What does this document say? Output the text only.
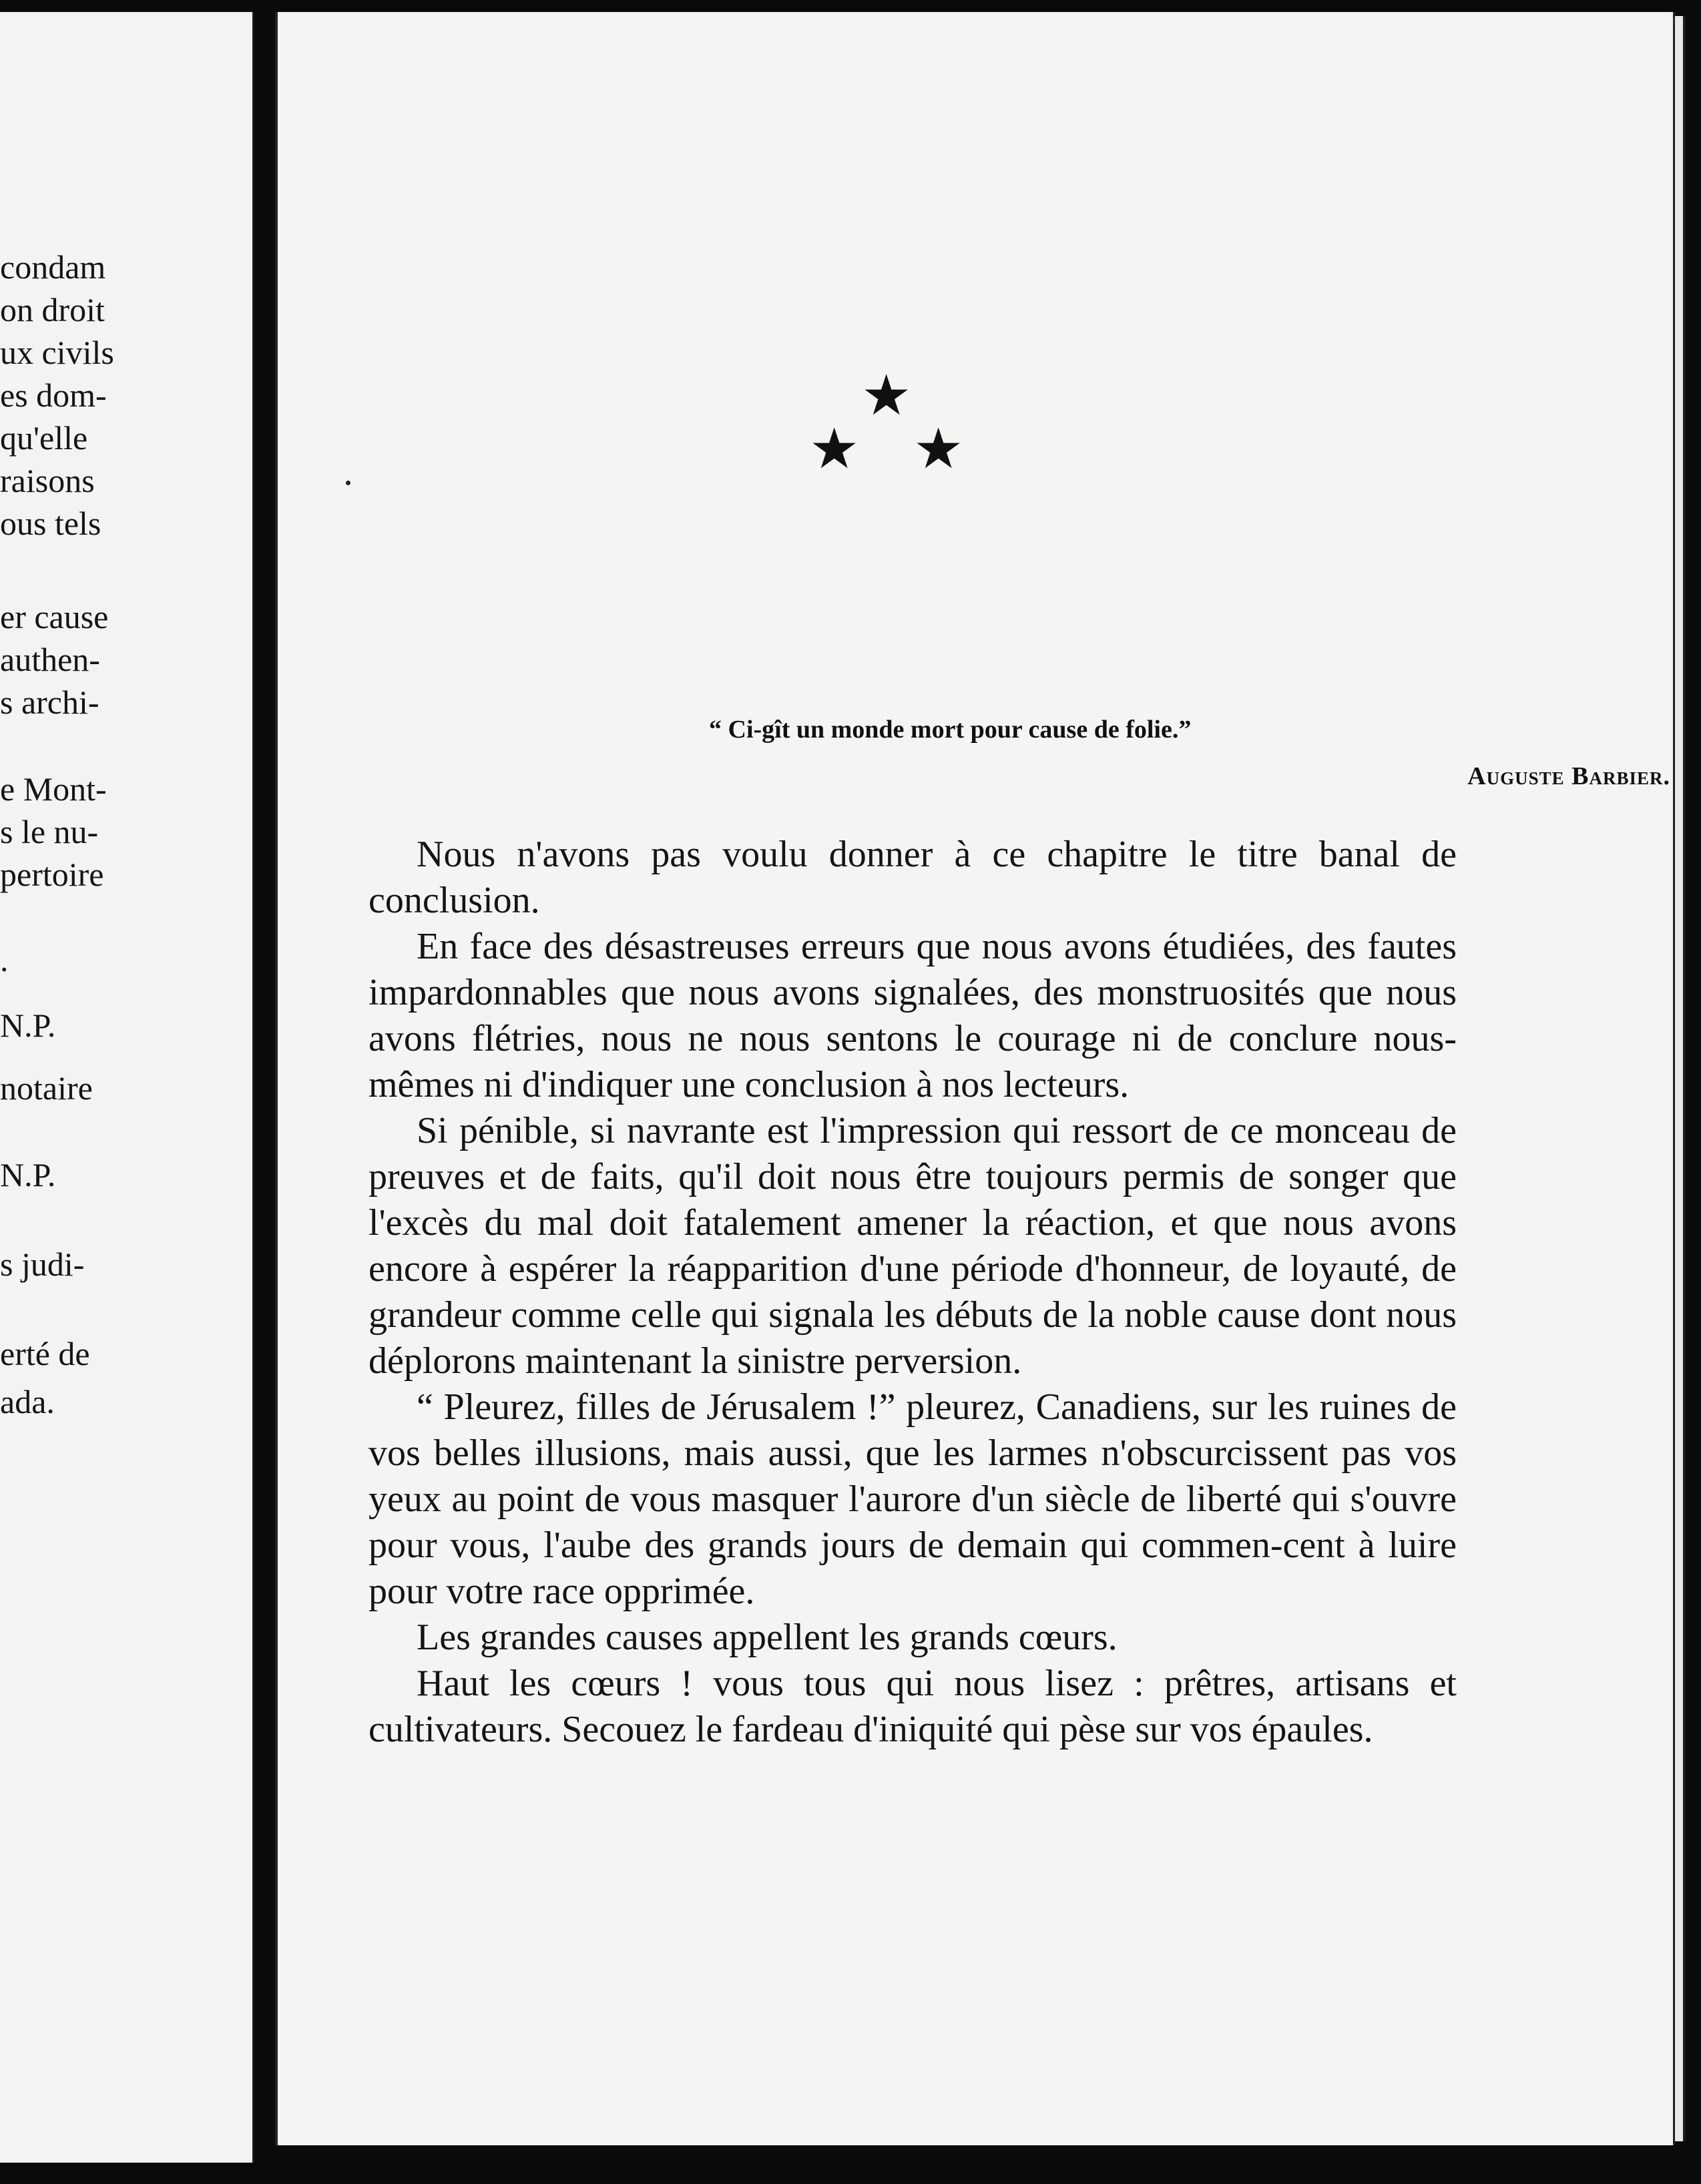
condam

on droit

ux civils

es dom-

qu'elle

raisons

ous tels

er cause

authen-

s archi-

e Mont-

s le nu-

pertoire

.

N.P.

notaire

N.P.

s judi-

erté de

ada.

★
★ ★

“ Ci-gît un monde mort pour cause de folie.”

Auguste Barbier.

Nous n'avons pas voulu donner à ce chapitre le titre banal de conclusion.

En face des désastreuses erreurs que nous avons étudiées, des fautes impardonnables que nous avons signalées, des monstruosités que nous avons flétries, nous ne nous sentons le courage ni de conclure nous-mêmes ni d'indiquer une conclusion à nos lecteurs.

Si pénible, si navrante est l'impression qui ressort de ce monceau de preuves et de faits, qu'il doit nous être toujours permis de songer que l'excès du mal doit fatalement amener la réaction, et que nous avons encore à espérer la réapparition d'une période d'honneur, de loyauté, de grandeur comme celle qui signala les débuts de la noble cause dont nous déplorons maintenant la sinistre perversion.

“ Pleurez, filles de Jérusalem !” pleurez, Canadiens, sur les ruines de vos belles illusions, mais aussi, que les larmes n'obscurcissent pas vos yeux au point de vous masquer l'aurore d'un siècle de liberté qui s'ouvre pour vous, l'aube des grands jours de demain qui commen-cent à luire pour votre race opprimée.

Les grandes causes appellent les grands cœurs.

Haut les cœurs ! vous tous qui nous lisez : prêtres, artisans et cultivateurs. Secouez le fardeau d'iniquité qui pèse sur vos épaules.
